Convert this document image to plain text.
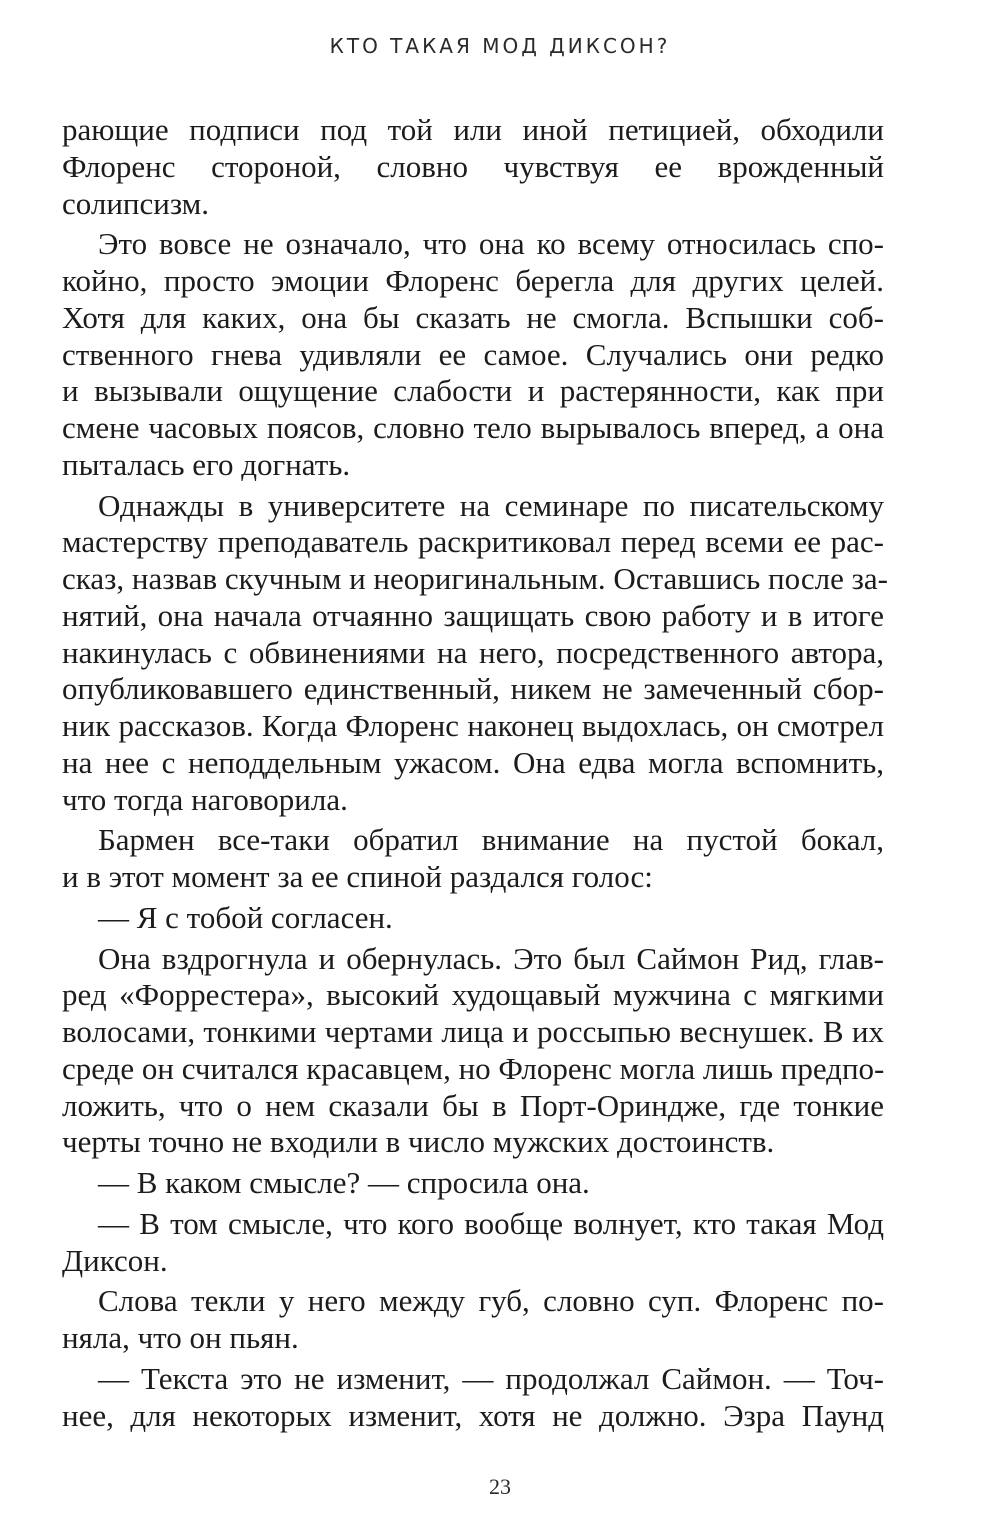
КТО ТАКАЯ МОД ДИКСОН?
рающие подписи под той или иной петицией, обходили
Флоренс стороной, словно чувствуя ее врожденный
солипсизм.
Это вовсе не означало, что она ко всему относилась спо-
койно, просто эмоции Флоренс берегла для других целей.
Хотя для каких, она бы сказать не смогла. Вспышки соб-
ственного гнева удивляли ее самое. Случались они редко
и вызывали ощущение слабости и растерянности, как при
смене часовых поясов, словно тело вырывалось вперед, а она
пыталась его догнать.
Однажды в университете на семинаре по писательскому
мастерству преподаватель раскритиковал перед всеми ее рас-
сказ, назвав скучным и неоригинальным. Оставшись после за-
нятий, она начала отчаянно защищать свою работу и в итоге
накинулась с обвинениями на него, посредственного автора,
опубликовавшего единственный, никем не замеченный сбор-
ник рассказов. Когда Флоренс наконец выдохлась, он смотрел
на нее с неподдельным ужасом. Она едва могла вспомнить,
что тогда наговорила.
Бармен все-таки обратил внимание на пустой бокал,
и в этот момент за ее спиной раздался голос:
— Я с тобой согласен.
Она вздрогнула и обернулась. Это был Саймон Рид, глав-
ред «Форрестера», высокий худощавый мужчина с мягкими
волосами, тонкими чертами лица и россыпью веснушек. В их
среде он считался красавцем, но Флоренс могла лишь предпо-
ложить, что о нем сказали бы в Порт-Ориндже, где тонкие
черты точно не входили в число мужских достоинств.
— В каком смысле? — спросила она.
— В том смысле, что кого вообще волнует, кто такая Мод
Диксон.
Слова текли у него между губ, словно суп. Флоренс по-
няла, что он пьян.
— Текста это не изменит, — продолжал Саймон. — Точ-
нее, для некоторых изменит, хотя не должно. Эзра Паунд
23
